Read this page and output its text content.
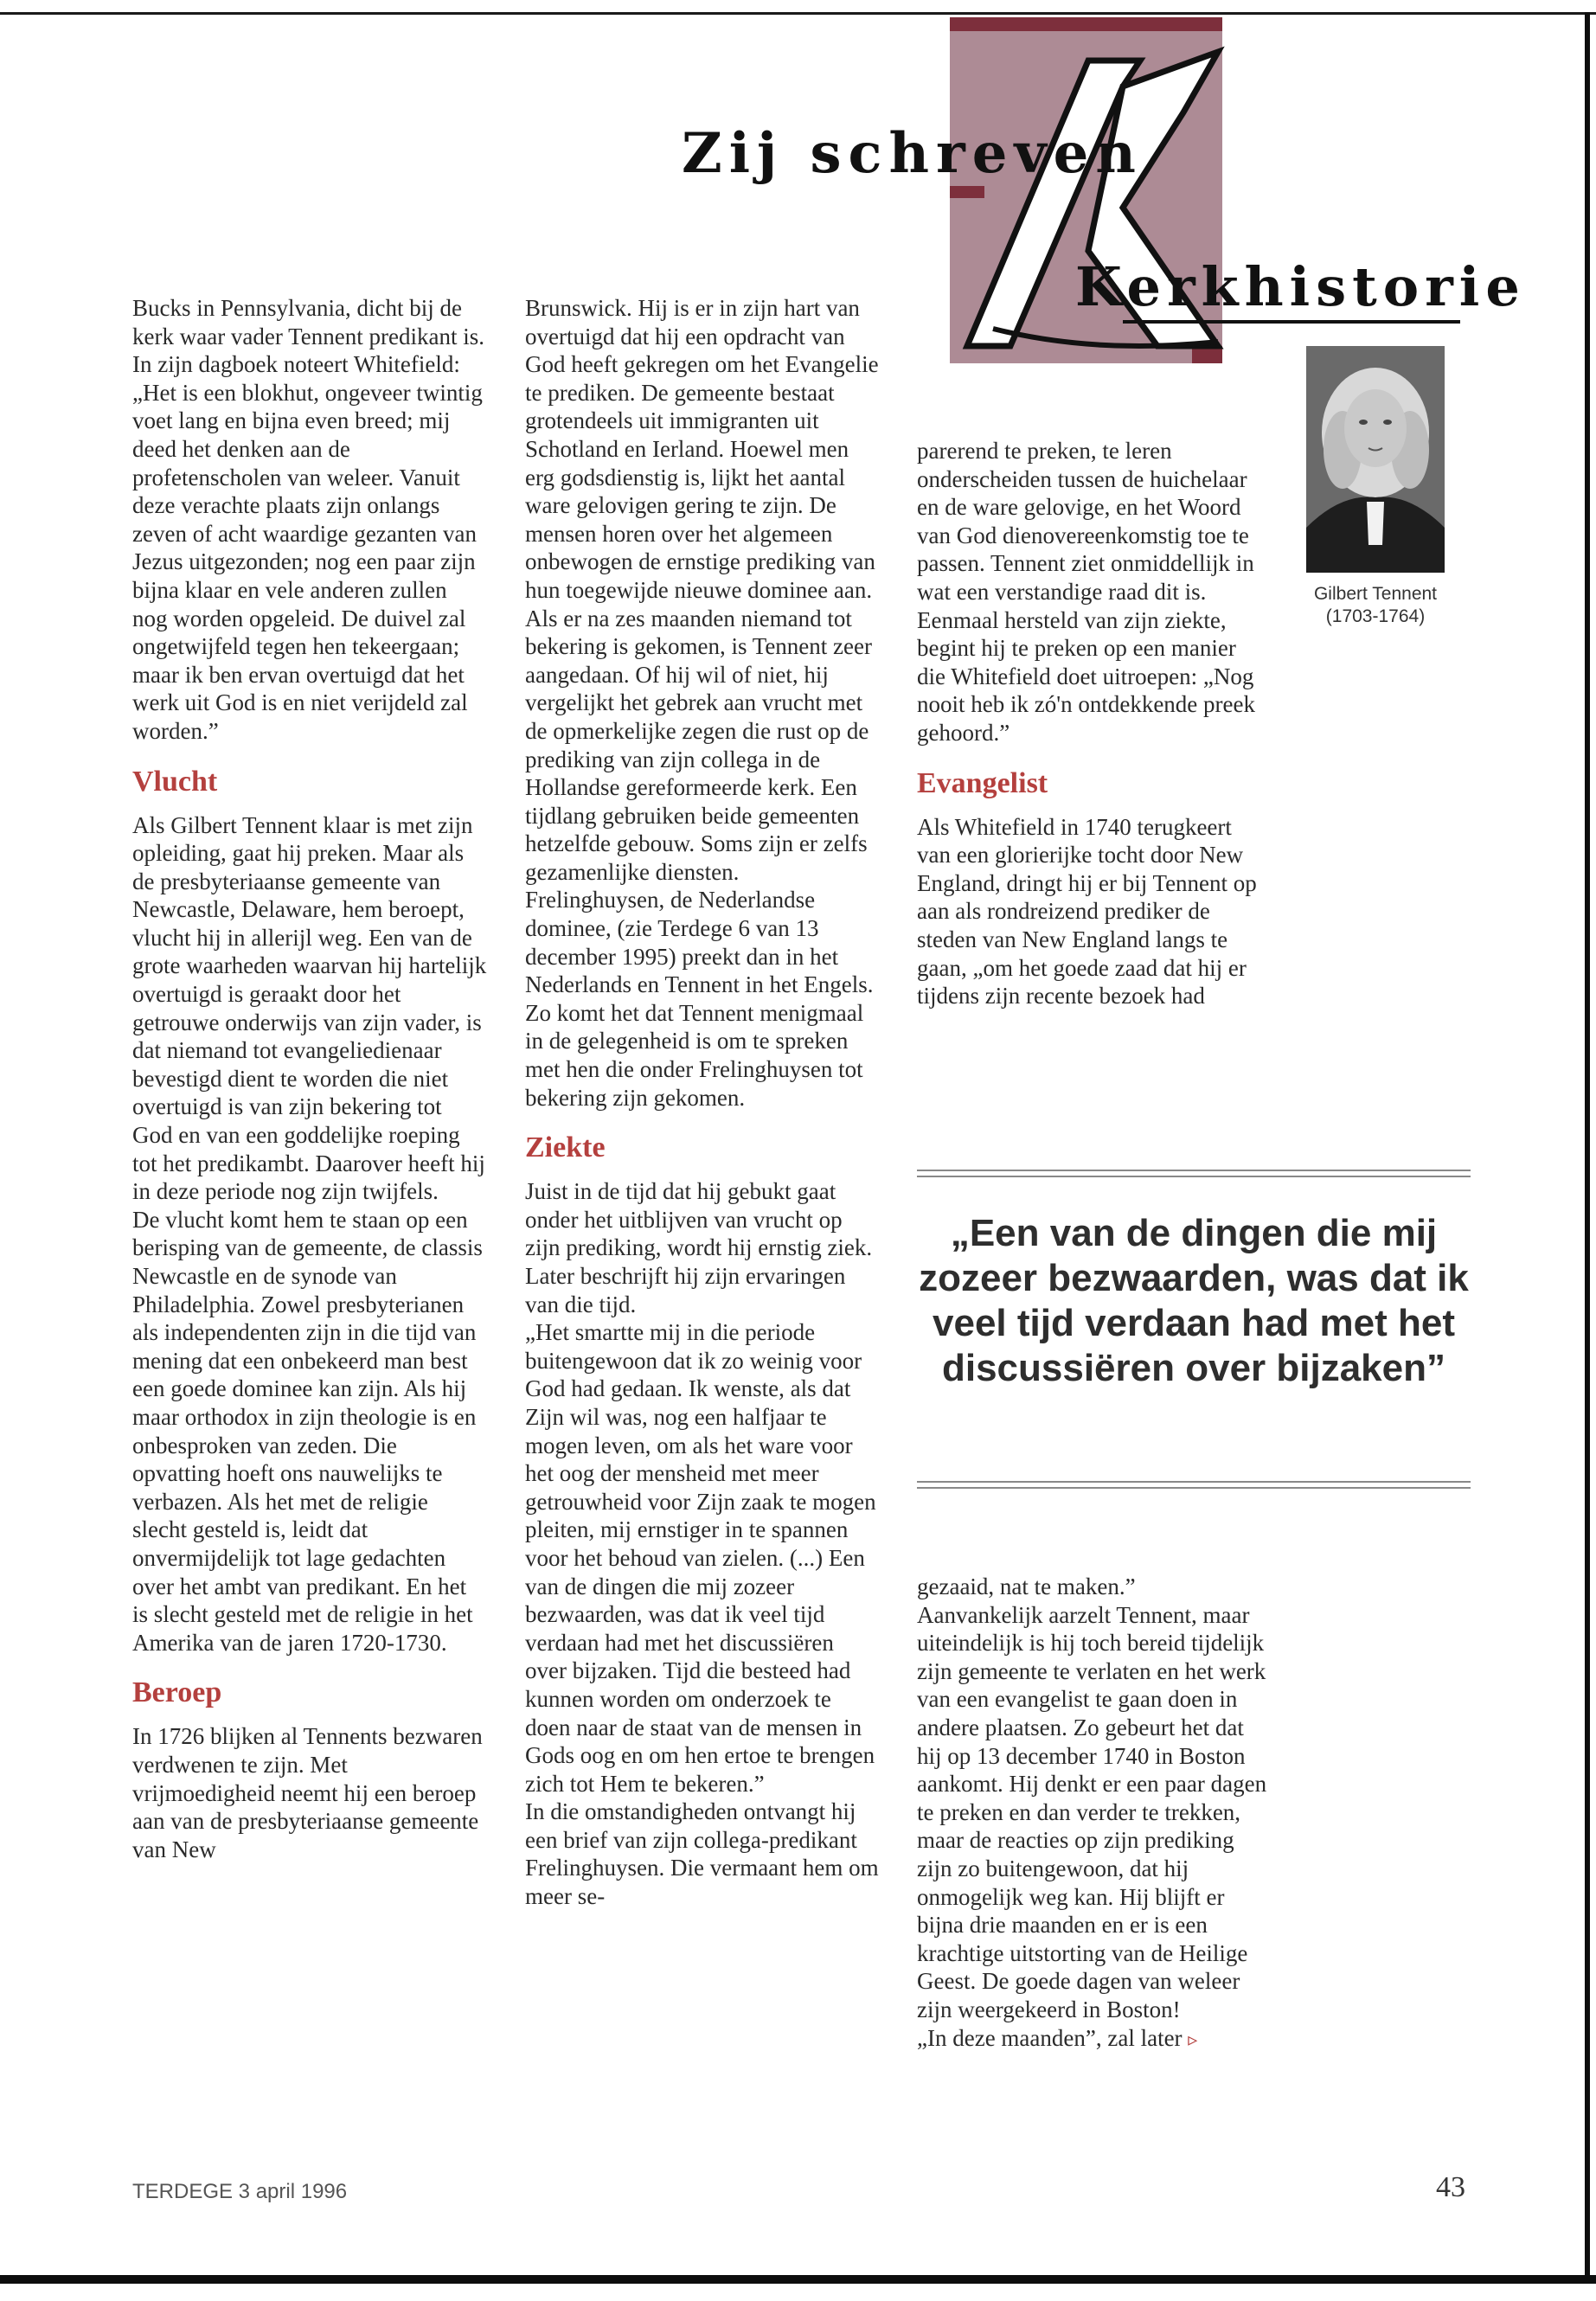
Zij schreven
Kerkhistorie

Bucks in Pennsylvania, dicht bij de kerk waar vader Tennent predikant is.

In zijn dagboek noteert Whitefield: „Het is een blokhut, ongeveer twintig voet lang en bijna even breed; mij deed het denken aan de profetenscholen van weleer. Vanuit deze verachte plaats zijn onlangs zeven of acht waardige gezanten van Jezus uitgezonden; nog een paar zijn bijna klaar en vele anderen zullen nog worden opgeleid. De duivel zal ongetwijfeld tegen hen tekeergaan; maar ik ben ervan overtuigd dat het werk uit God is en niet verijdeld zal worden.”

Vlucht

Als Gilbert Tennent klaar is met zijn opleiding, gaat hij preken. Maar als de presbyteriaanse gemeente van Newcastle, Delaware, hem beroept, vlucht hij in allerijl weg. Een van de grote waarheden waarvan hij hartelijk overtuigd is geraakt door het getrouwe onderwijs van zijn vader, is dat niemand tot evangeliedienaar bevestigd dient te worden die niet overtuigd is van zijn bekering tot God en van een goddelijke roeping tot het predikambt. Daarover heeft hij in deze periode nog zijn twijfels.

De vlucht komt hem te staan op een berisping van de gemeente, de classis Newcastle en de synode van Philadelphia. Zowel presbyterianen als independenten zijn in die tijd van mening dat een onbekeerd man best een goede dominee kan zijn. Als hij maar orthodox in zijn theologie is en onbesproken van zeden. Die opvatting hoeft ons nauwelijks te verbazen. Als het met de religie slecht gesteld is, leidt dat onvermijdelijk tot lage gedachten over het ambt van predikant. En het is slecht gesteld met de religie in het Amerika van de jaren 1720-1730.

Beroep

In 1726 blijken al Tennents bezwaren verdwenen te zijn. Met vrijmoedigheid neemt hij een beroep aan van de presbyteriaanse gemeente van New

Brunswick. Hij is er in zijn hart van overtuigd dat hij een opdracht van God heeft gekregen om het Evangelie te prediken. De gemeente bestaat grotendeels uit immigranten uit Schotland en Ierland. Hoewel men erg godsdienstig is, lijkt het aantal ware gelovigen gering te zijn. De mensen horen over het algemeen onbewogen de ernstige prediking van hun toegewijde nieuwe dominee aan.

Als er na zes maanden niemand tot bekering is gekomen, is Tennent zeer aangedaan. Of hij wil of niet, hij vergelijkt het gebrek aan vrucht met de opmerkelijke zegen die rust op de prediking van zijn collega in de Hollandse gereformeerde kerk. Een tijdlang gebruiken beide gemeenten hetzelfde gebouw. Soms zijn er zelfs gezamenlijke diensten. Frelinghuysen, de Nederlandse dominee, (zie Terdege 6 van 13 december 1995) preekt dan in het Nederlands en Tennent in het Engels.

Zo komt het dat Tennent menigmaal in de gelegenheid is om te spreken met hen die onder Frelinghuysen tot bekering zijn gekomen.

Ziekte

Juist in de tijd dat hij gebukt gaat onder het uitblijven van vrucht op zijn prediking, wordt hij ernstig ziek. Later beschrijft hij zijn ervaringen van die tijd.

„Het smartte mij in die periode buitengewoon dat ik zo weinig voor God had gedaan. Ik wenste, als dat Zijn wil was, nog een halfjaar te mogen leven, om als het ware voor het oog der mensheid met meer getrouwheid voor Zijn zaak te mogen pleiten, mij ernstiger in te spannen voor het behoud van zielen. (...) Een van de dingen die mij zozeer bezwaarden, was dat ik veel tijd verdaan had met het discussiëren over bijzaken. Tijd die besteed had kunnen worden om onderzoek te doen naar de staat van de mensen in Gods oog en om hen ertoe te brengen zich tot Hem te bekeren.”

In die omstandigheden ontvangt hij een brief van zijn collega-predikant Frelinghuysen. Die vermaant hem om meer se-

parerend te preken, te leren onderscheiden tussen de huichelaar en de ware gelovige, en het Woord van God dienovereenkomstig toe te passen. Tennent ziet onmiddellijk in wat een verstandige raad dit is. Eenmaal hersteld van zijn ziekte, begint hij te preken op een manier die Whitefield doet uitroepen: „Nog nooit heb ik zó'n ontdekkende preek gehoord.”

Evangelist

Als Whitefield in 1740 terugkeert van een glorierijke tocht door New England, dringt hij er bij Tennent op aan als rondreizend prediker de steden van New England langs te gaan, „om het goede zaad dat hij er tijdens zijn recente bezoek had

Gilbert Tennent
(1703-1764)
„Een van de dingen die mij zozeer bezwaarden, was dat ik veel tijd verdaan had met het discussiëren over bijzaken”

gezaaid, nat te maken.”

Aanvankelijk aarzelt Tennent, maar uiteindelijk is hij toch bereid tijdelijk zijn gemeente te verlaten en het werk van een evangelist te gaan doen in andere plaatsen. Zo gebeurt het dat hij op 13 december 1740 in Boston aankomt. Hij denkt er een paar dagen te preken en dan verder te trekken, maar de reacties op zijn prediking zijn zo buitengewoon, dat hij onmogelijk weg kan. Hij blijft er bijna drie maanden en er is een krachtige uitstorting van de Heilige Geest. De goede dagen van weleer zijn weergekeerd in Boston!

„In deze maanden”, zal later ▹

TERDEGE 3 april 1996	43
